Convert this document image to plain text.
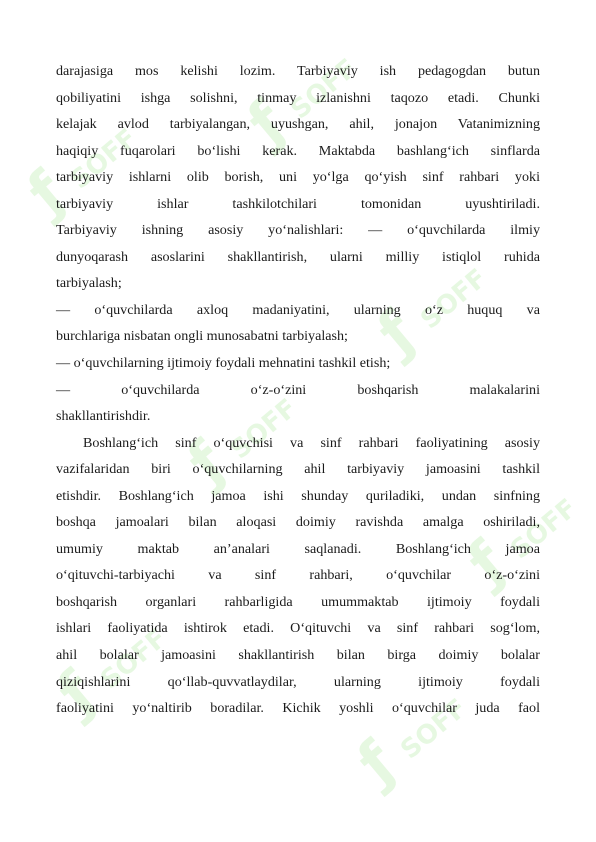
ƒ
SOFF
ƒ
SOFF
ƒ
SOFF
ƒ
SOFF
ƒ
SOFF
ƒ
SOFF
ƒ
SOFF

darajasiga mos kelishi lozim. Tarbiyaviy ish pedagogdan butun

qobiliyatini ishga solishni, tinmay izlanishni taqozo etadi. Chunki

kelajak avlod tarbiyalangan, uyushgan, ahil, jonajon Vatanimizning

haqiqiy fuqarolari bo‘lishi kerak. Maktabda bashlang‘ich sinflarda

tarbiyaviy ishlarni olib borish, uni yo‘lga qo‘yish sinf rahbari yoki

tarbiyaviy ishlar tashkilotchilari tomonidan uyushtiriladi.

Tarbiyaviy ishning asosiy yo‘nalishlari: — o‘quvchilarda ilmiy

dunyoqarash asoslarini shakllantirish, ularni milliy istiqlol ruhida

tarbiyalash;

— o‘quvchilarda axloq madaniyatini, ularning o‘z huquq va

burchlariga nisbatan ongli munosabatni tarbiyalash;

— o‘quvchilarning ijtimoiy foydali mehnatini tashkil etish;

— o‘quvchilarda o‘z-o‘zini boshqarish malakalarini

shakllantirishdir.

Boshlang‘ich sinf o‘quvchisi va sinf rahbari faoliyatining asosiy

vazifalaridan biri o‘quvchilarning ahil tarbiyaviy jamoasini tashkil

etishdir. Boshlang‘ich jamoa ishi shunday quriladiki, undan sinfning

boshqa jamoalari bilan aloqasi doimiy ravishda amalga oshiriladi,

umumiy maktab an’analari saqlanadi. Boshlang‘ich jamoa

o‘qituvchi-tarbiyachi va sinf rahbari, o‘quvchilar o‘z-o‘zini

boshqarish organlari rahbarligida umummaktab ijtimoiy foydali

ishlari faoliyatida ishtirok etadi. O‘qituvchi va sinf rahbari sog‘lom,

ahil bolalar jamoasini shakllantirish bilan birga doimiy bolalar

qiziqishlarini qo‘llab-quvvatlaydilar, ularning ijtimoiy foydali

faoliyatini yo‘naltirib boradilar. Kichik yoshli o‘quvchilar juda faol
